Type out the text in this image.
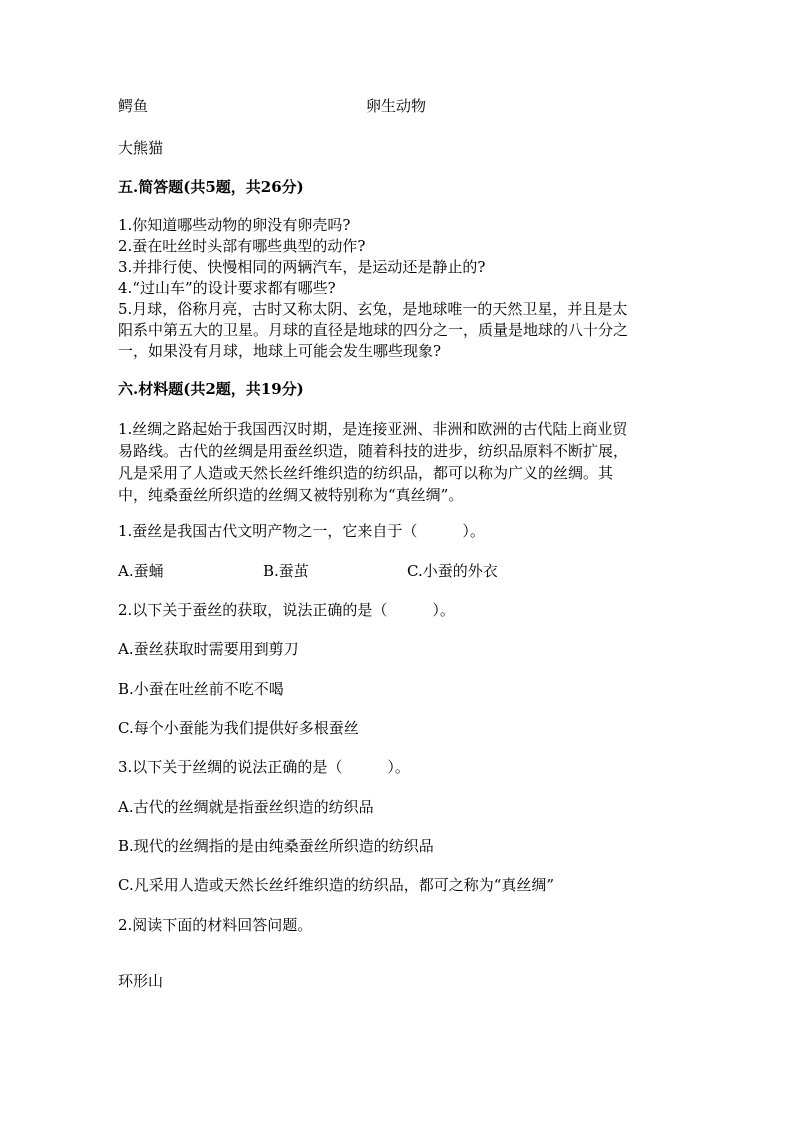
鳄鱼	卵生动物
大熊猫
五.简答题(共5题，共26分)
1.你知道哪些动物的卵没有卵壳吗?
2.蚕在吐丝时头部有哪些典型的动作?
3.并排行使、快慢相同的两辆汽车，是运动还是静止的?
4.“过山车”的设计要求都有哪些?
5.月球，俗称月亮，古时又称太阴、玄兔，是地球唯一的天然卫星，并且是太
阳系中第五大的卫星。月球的直径是地球的四分之一，质量是地球的八十分之
一，如果没有月球，地球上可能会发生哪些现象?
六.材料题(共2题，共19分)
1.丝绸之路起始于我国西汉时期，是连接亚洲、非洲和欧洲的古代陆上商业贸
易路线。古代的丝绸是用蚕丝织造，随着科技的进步，纺织品原料不断扩展，
凡是采用了人造或天然长丝纤维织造的纺织品，都可以称为广义的丝绸。其
中，纯桑蚕丝所织造的丝绸又被特别称为“真丝绸”。
1.蚕丝是我国古代文明产物之一，它来自于（　　　）。
A.蚕蛹	B.蚕茧	C.小蚕的外衣
2.以下关于蚕丝的获取，说法正确的是（　　　）。
A.蚕丝获取时需要用到剪刀
B.小蚕在吐丝前不吃不喝
C.每个小蚕能为我们提供好多根蚕丝
3.以下关于丝绸的说法正确的是（　　　）。
A.古代的丝绸就是指蚕丝织造的纺织品
B.现代的丝绸指的是由纯桑蚕丝所织造的纺织品
C.凡采用人造或天然长丝纤维织造的纺织品，都可之称为“真丝绸”
2.阅读下面的材料回答问题。
环形山
